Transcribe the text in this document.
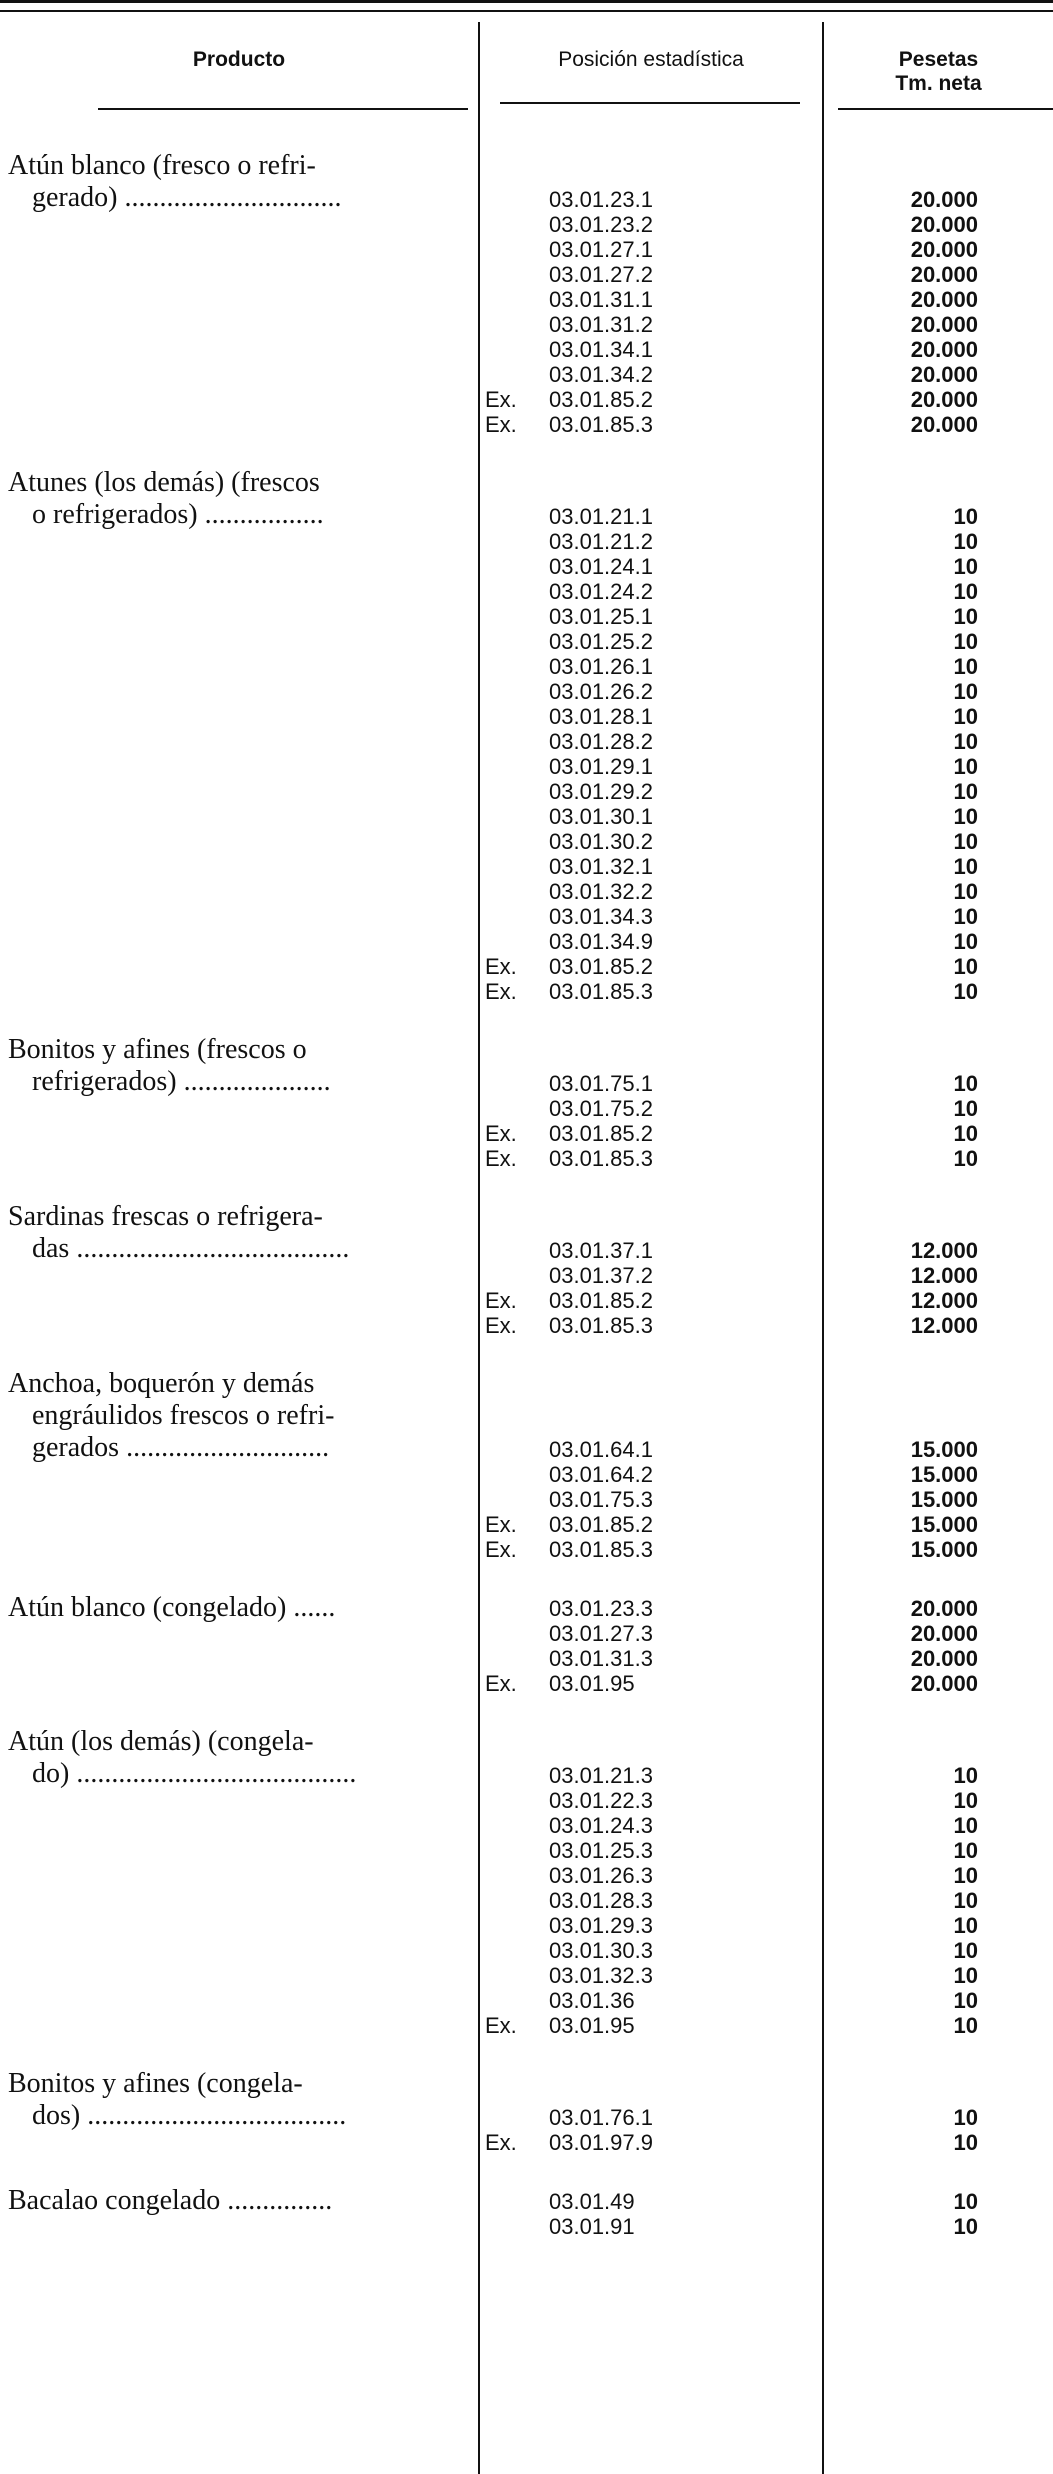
Producto	Posición estadística	Pesetas
Tm. neta
Atún blanco (fresco o refri-
gerado) ...............................	03.01.23.1	20.000
03.01.23.2	20.000
03.01.27.1	20.000
03.01.27.2	20.000
03.01.31.1	20.000
03.01.31.2	20.000
03.01.34.1	20.000
03.01.34.2	20.000
Ex. 03.01.85.2	20.000
Ex. 03.01.85.3	20.000
Atunes (los demás) (frescos
o refrigerados) .................	03.01.21.1	10
03.01.21.2	10
03.01.24.1	10
03.01.24.2	10
03.01.25.1	10
03.01.25.2	10
03.01.26.1	10
03.01.26.2	10
03.01.28.1	10
03.01.28.2	10
03.01.29.1	10
03.01.29.2	10
03.01.30.1	10
03.01.30.2	10
03.01.32.1	10
03.01.32.2	10
03.01.34.3	10
03.01.34.9	10
Ex. 03.01.85.2	10
Ex. 03.01.85.3	10
Bonitos y afines (frescos o
refrigerados) .....................	03.01.75.1	10
03.01.75.2	10
Ex. 03.01.85.2	10
Ex. 03.01.85.3	10
Sardinas frescas o refrigera-
das .......................................	03.01.37.1	12.000
03.01.37.2	12.000
Ex. 03.01.85.2	12.000
Ex. 03.01.85.3	12.000
Anchoa, boquerón y demás
engráulidos frescos o refri-
gerados .............................	03.01.64.1	15.000
03.01.64.2	15.000
03.01.75.3	15.000
Ex. 03.01.85.2	15.000
Ex. 03.01.85.3	15.000
Atún blanco (congelado) ......	03.01.23.3	20.000
03.01.27.3	20.000
03.01.31.3	20.000
Ex. 03.01.95	20.000
Atún (los demás) (congela-
do) ........................................	03.01.21.3	10
03.01.22.3	10
03.01.24.3	10
03.01.25.3	10
03.01.26.3	10
03.01.28.3	10
03.01.29.3	10
03.01.30.3	10
03.01.32.3	10
03.01.36	10
Ex. 03.01.95	10
Bonitos y afines (congela-
dos) .....................................	03.01.76.1	10
Ex. 03.01.97.9	10
Bacalao congelado ...............	03.01.49	10
03.01.91	10
